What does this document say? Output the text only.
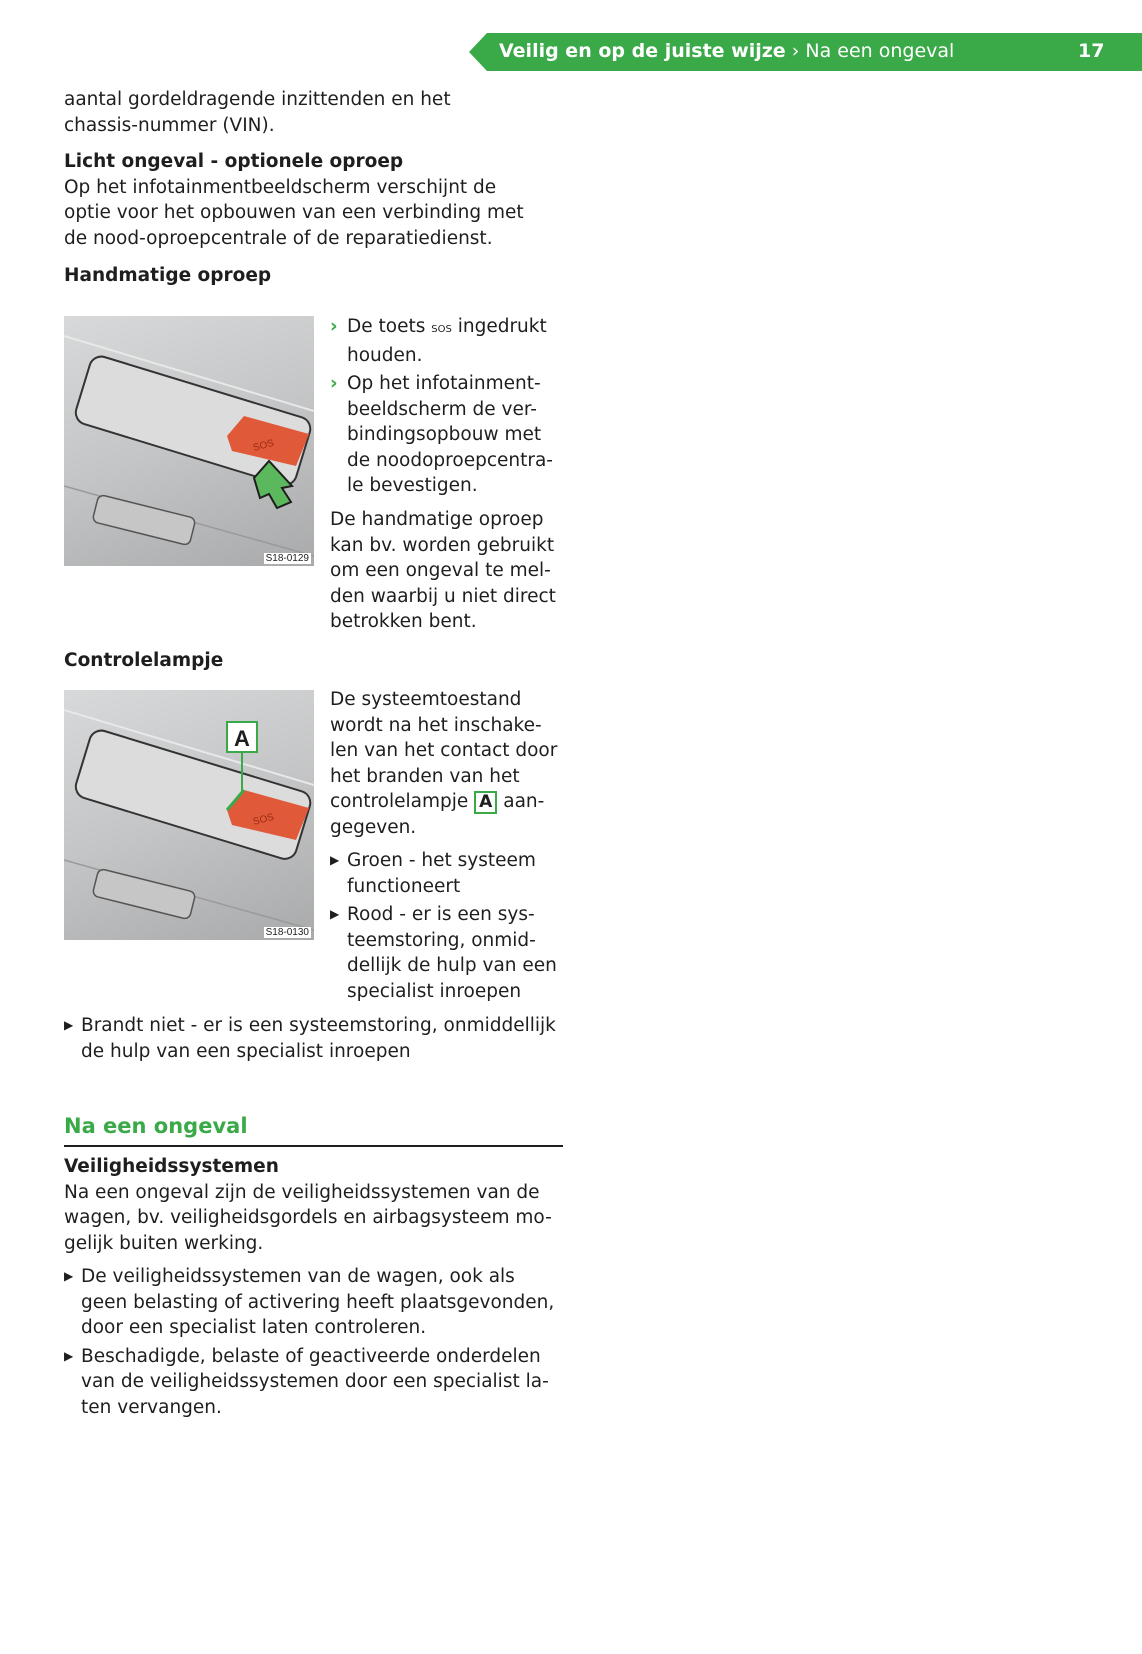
Veilig en op de juiste wijze › Na een ongeval	17

aantal gordeldragende inzittenden en het chassis-nummer (VIN).

Licht ongeval - optionele oproep

Op het infotainmentbeeldscherm verschijnt de optie voor het opbouwen van een verbinding met de nood-oproepcentrale of de reparatiedienst.

Handmatige oproep

SOS
S18-0129
› De toets SOS ingedrukt houden.
› Op het infotainment-beeldscherm de ver-bindingsopbouw met de noodoproepcentra-le bevestigen.

De handmatige oproep kan bv. worden gebruikt om een ongeval te mel-den waarbij u niet direct betrokken bent.

Controlelampje

SOS
A
S18-0130

De systeemtoestand wordt na het inschake-len van het contact door het branden van het controlelampje A aan-gegeven.

▶ Groen - het systeem functioneert
▶ Rood - er is een sys-teemstoring, onmid-dellijk de hulp van een specialist inroepen
▶ Brandt niet - er is een systeemstoring, onmiddellijk de hulp van een specialist inroepen
Na een ongeval

Veiligheidssystemen

Na een ongeval zijn de veiligheidssystemen van de wagen, bv. veiligheidsgordels en airbagsysteem mo-gelijk buiten werking.

▶ De veiligheidssystemen van de wagen, ook als geen belasting of activering heeft plaatsgevonden, door een specialist laten controleren.
▶ Beschadigde, belaste of geactiveerde onderdelen van de veiligheidssystemen door een specialist la-ten vervangen.
